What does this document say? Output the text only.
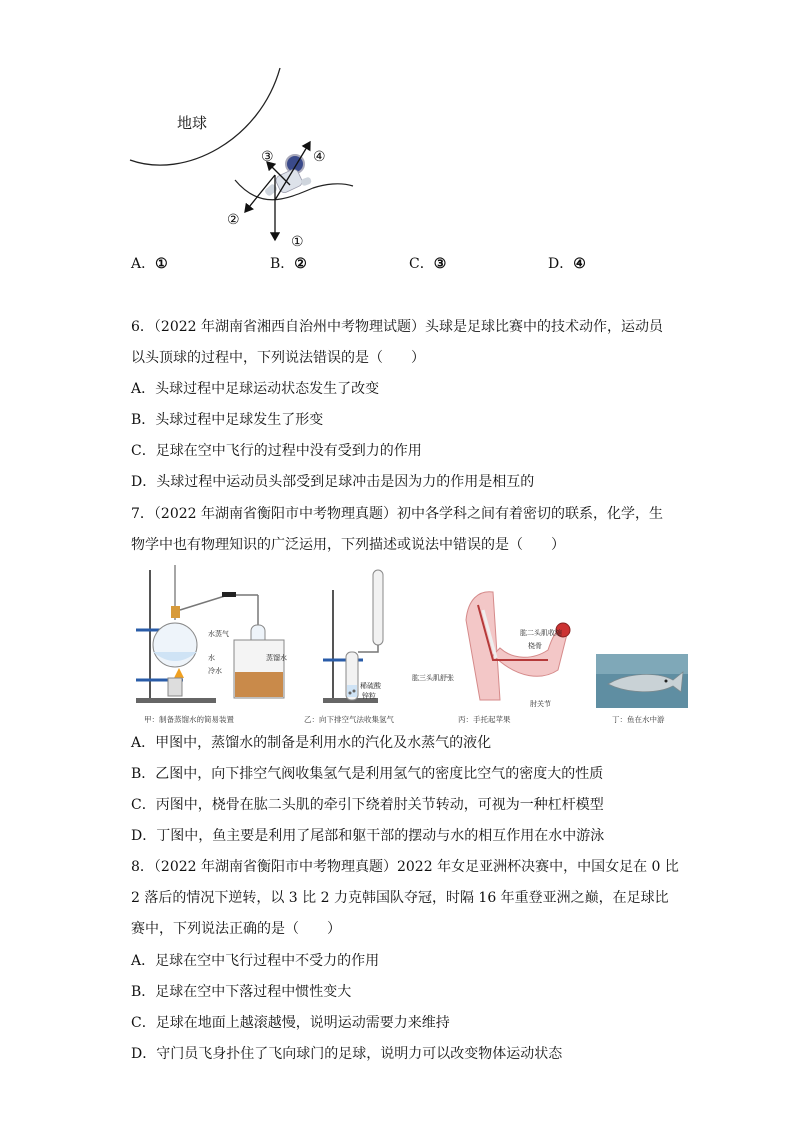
地球
①
②
③	④
A．①	B．②	C．③	D．④
6．（2022 年湖南省湘西自治州中考物理试题）头球是足球比赛中的技术动作，运动员
以头顶球的过程中，下列说法错误的是（　　）
A．头球过程中足球运动状态发生了改变
B．头球过程中足球发生了形变
C．足球在空中飞行的过程中没有受到力的作用
D．头球过程中运动员头部受到足球冲击是因为力的作用是相互的
7．（2022 年湖南省衡阳市中考物理真题）初中各学科之间有着密切的联系，化学，生
物学中也有物理知识的广泛运用，下列描述或说法中错误的是（　　）
水蒸气
水
冷水
蒸馏水
甲：制备蒸馏水的简易装置
稀硫酸
锌粒
乙：向下排空气法收集氢气
肱二头肌收缩
桡骨
肱三头肌舒张
肘关节
丙：手托起苹果	丁：鱼在水中游
A．甲图中，蒸馏水的制备是利用水的汽化及水蒸气的液化
B．乙图中，向下排空气阀收集氢气是利用氢气的密度比空气的密度大的性质
C．丙图中，桡骨在肱二头肌的牵引下绕着肘关节转动，可视为一种杠杆模型
D．丁图中，鱼主要是利用了尾部和躯干部的摆动与水的相互作用在水中游泳
8．（2022 年湖南省衡阳市中考物理真题）2022 年女足亚洲杯决赛中，中国女足在 0 比
2 落后的情况下逆转，以 3 比 2 力克韩国队夺冠，时隔 16 年重登亚洲之巅，在足球比
赛中，下列说法正确的是（　　）
A．足球在空中飞行过程中不受力的作用
B．足球在空中下落过程中惯性变大
C．足球在地面上越滚越慢，说明运动需要力来维持
D．守门员飞身扑住了飞向球门的足球，说明力可以改变物体运动状态
